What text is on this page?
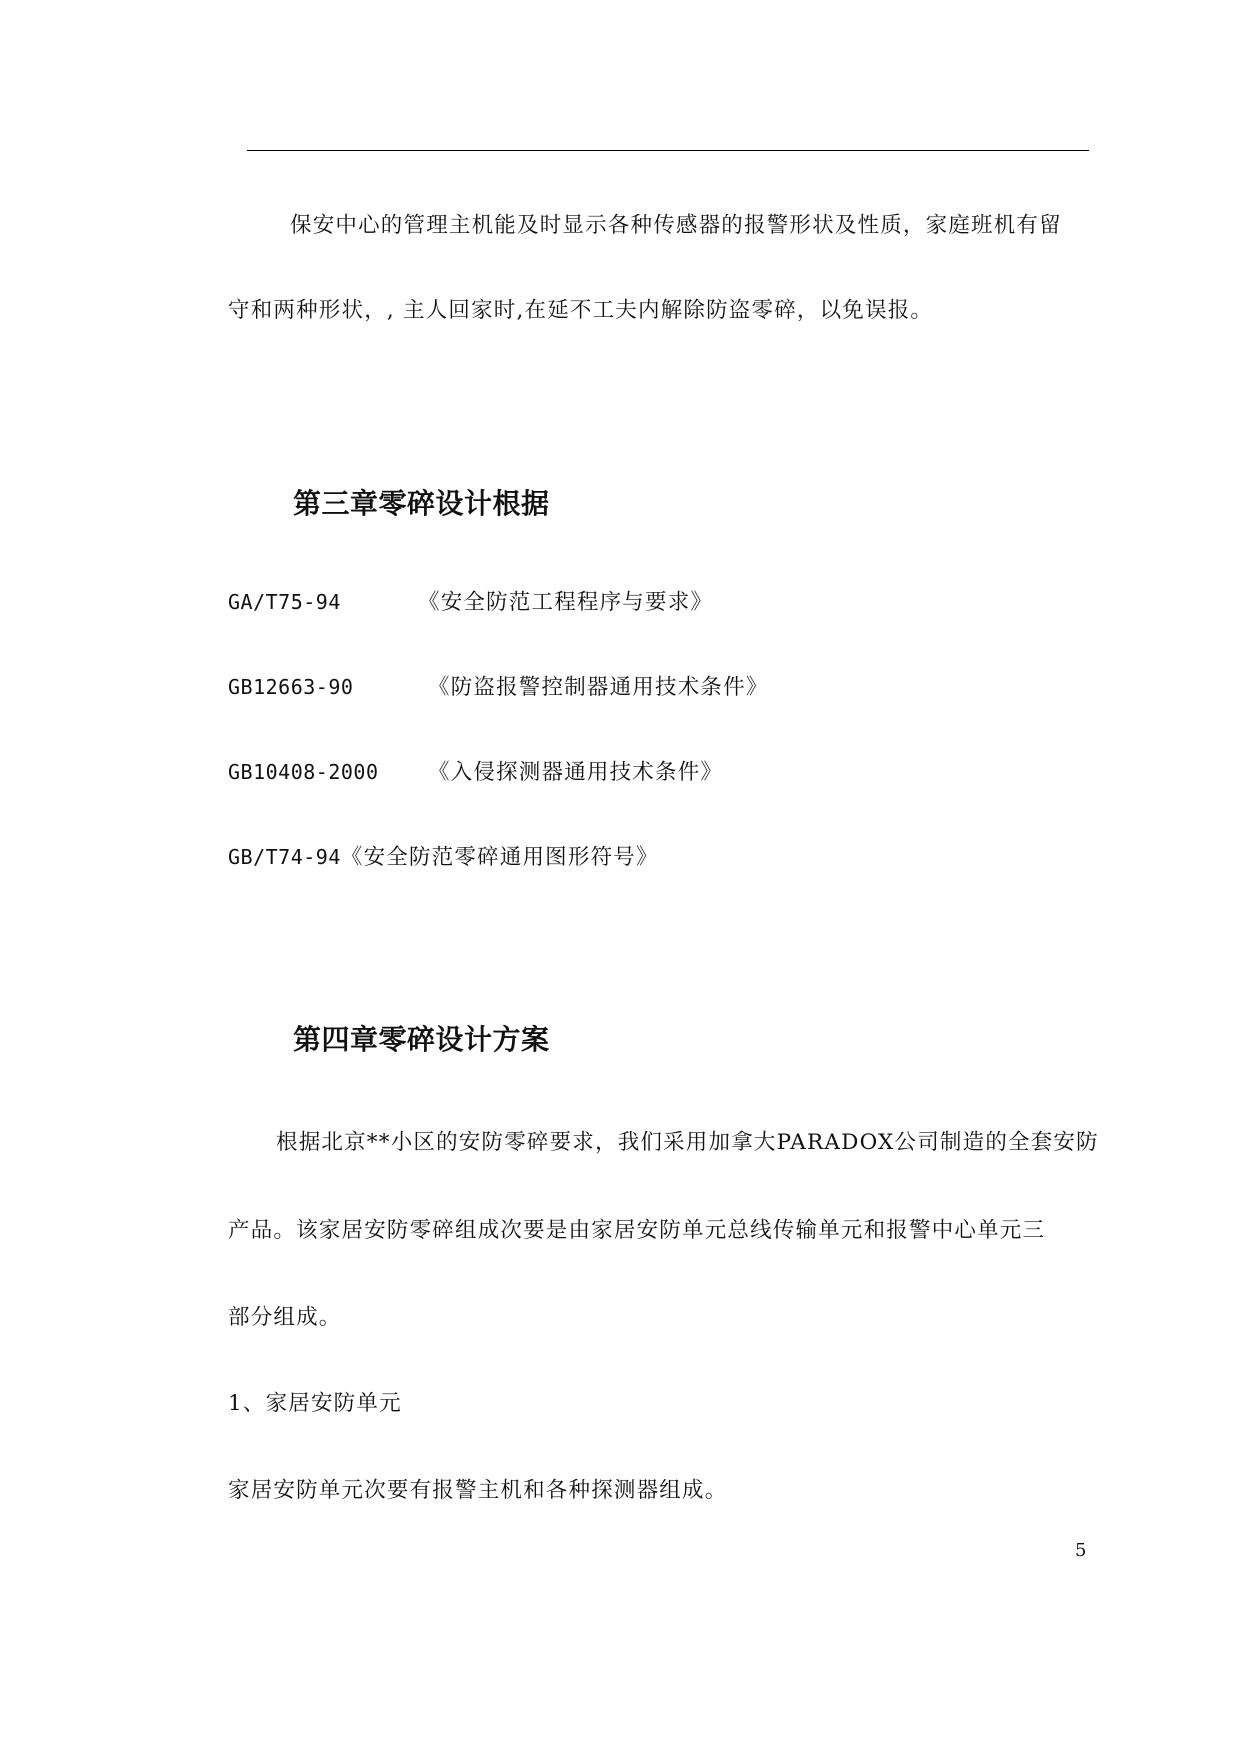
保安中心的管理主机能及时显示各种传感器的报警形状及性质，家庭班机有留

守和两种形状，, 主人回家时,在延不工夫内解除防盗零碎，以免误报。

第三章零碎设计根据
GA/T75-94	《安全防范工程程序与要求》
GB12663-90	《防盗报警控制器通用技术条件》
GB10408-2000 《入侵探测器通用技术条件》
GB/T74-94《安全防范零碎通用图形符号》
第四章零碎设计方案

根据北京**小区的安防零碎要求，我们采用加拿大PARADOX公司制造的全套安防

产品。该家居安防零碎组成次要是由家居安防单元总线传输单元和报警中心单元三

部分组成。

1、家居安防单元

家居安防单元次要有报警主机和各种探测器组成。

5
